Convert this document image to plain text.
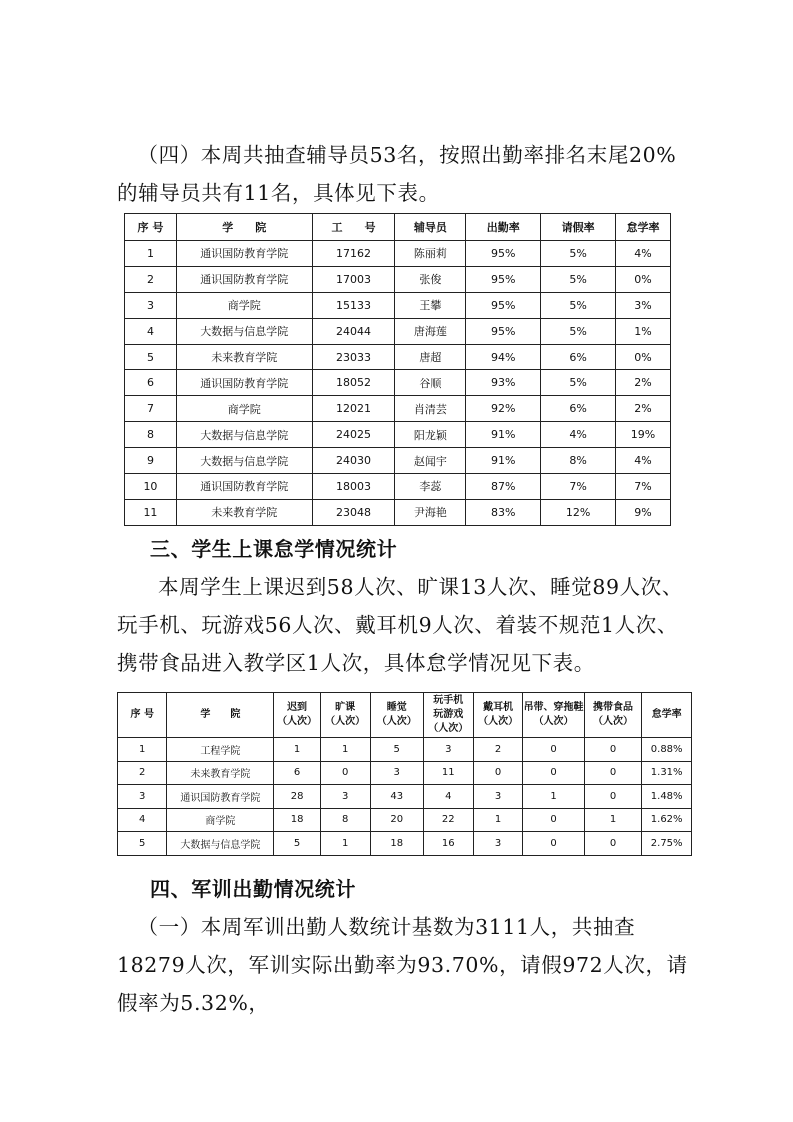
（四）本周共抽查辅导员53名，按照出勤率排名末尾20%的辅导员共有11名，具体见下表。

序 号	学　　院	工　　号	辅导员	出勤率	请假率	怠学率
1	通识国防教育学院	17162	陈丽莉	95%	5%	4%
2	通识国防教育学院	17003	张俊	95%	5%	0%
3	商学院	15133	王攀	95%	5%	3%
4	大数据与信息学院	24044	唐海莲	95%	5%	1%
5	未来教育学院	23033	唐超	94%	6%	0%
6	通识国防教育学院	18052	谷顺	93%	5%	2%
7	商学院	12021	肖清芸	92%	6%	2%
8	大数据与信息学院	24025	阳龙颖	91%	4%	19%
9	大数据与信息学院	24030	赵闻宇	91%	8%	4%
10	通识国防教育学院	18003	李蕊	87%	7%	7%
11	未来教育学院	23048	尹海艳	83%	12%	9%

三、学生上课怠学情况统计

本周学生上课迟到58人次、旷课13人次、睡觉89人次、玩手机、玩游戏56人次、戴耳机9人次、着装不规范1人次、携带食品进入教学区1人次，具体怠学情况见下表。

序 号	学　　院	迟到
（人次）	旷课
（人次）	睡觉
（人次）	玩手机
玩游戏
（人次）	戴耳机
（人次）	吊带、穿拖鞋
（人次）	携带食品
（人次）	怠学率
1	工程学院	1	1	5	3	2	0	0	0.88%
2	未来教育学院	6	0	3	11	0	0	0	1.31%
3	通识国防教育学院	28	3	43	4	3	1	0	1.48%
4	商学院	18	8	20	22	1	0	1	1.62%
5	大数据与信息学院	5	1	18	16	3	0	0	2.75%

四、军训出勤情况统计

（一）本周军训出勤人数统计基数为3111人，共抽查18279人次，军训实际出勤率为93.70%，请假972人次，请假率为5.32%，
